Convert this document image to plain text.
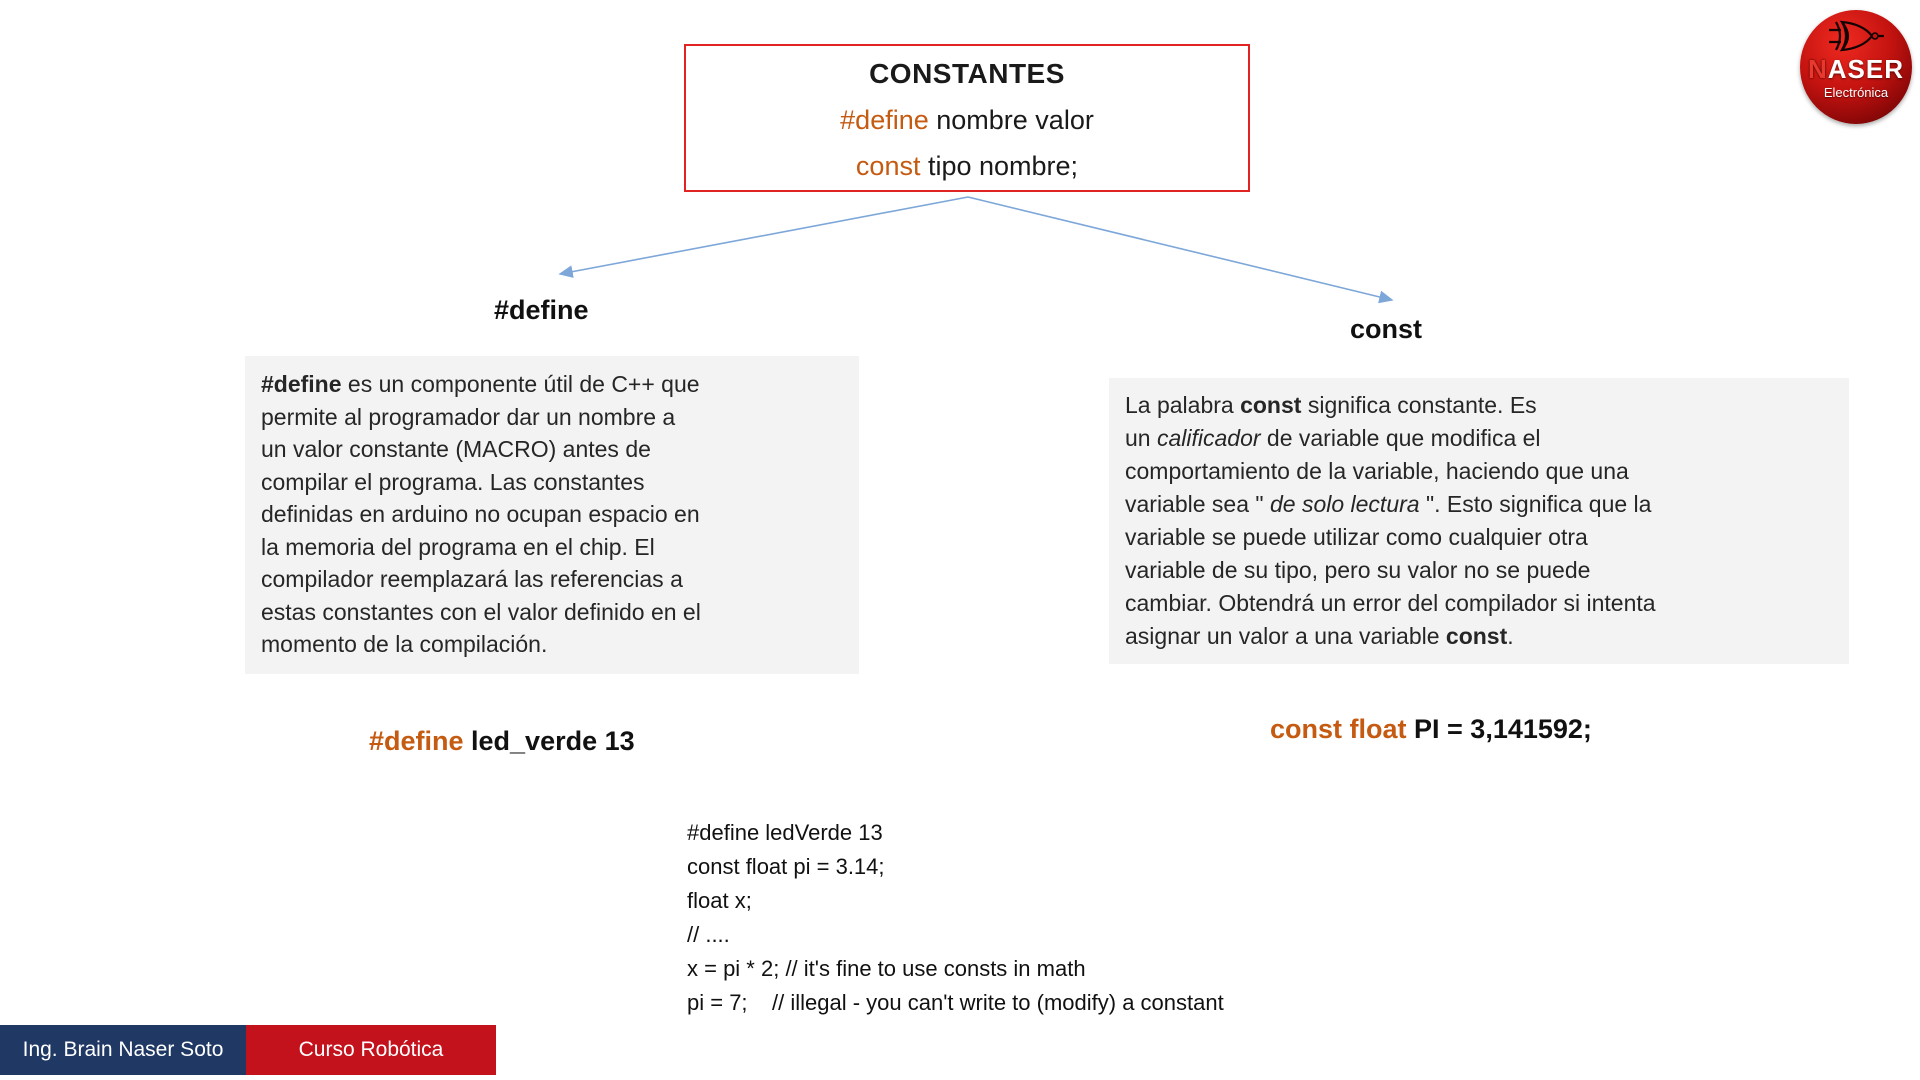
CONSTANTES
#define nombre valor
const tipo nombre;
#define
const
#define es un componente útil de C++ que
permite al programador dar un nombre a
un valor constante (MACRO) antes de
compilar el programa. Las constantes
definidas en arduino no ocupan espacio en
la memoria del programa en el chip. El
compilador reemplazará las referencias a
estas constantes con el valor definido en el
momento de la compilación.
La palabra const significa constante. Es
un calificador de variable que modifica el
comportamiento de la variable, haciendo que una
variable sea " de solo lectura ". Esto significa que la
variable se puede utilizar como cualquier otra
variable de su tipo, pero su valor no se puede
cambiar. Obtendrá un error del compilador si intenta
asignar un valor a una variable const.
#define led_verde 13	const float PI = 3,141592;
#define ledVerde 13
const float pi = 3.14;
float x;
// ....
x = pi * 2; // it's fine to use consts in math
pi = 7;    // illegal - you can't write to (modify) a constant
Ing. Brain Naser Soto	Curso Robótica
NASER
Electrónica
